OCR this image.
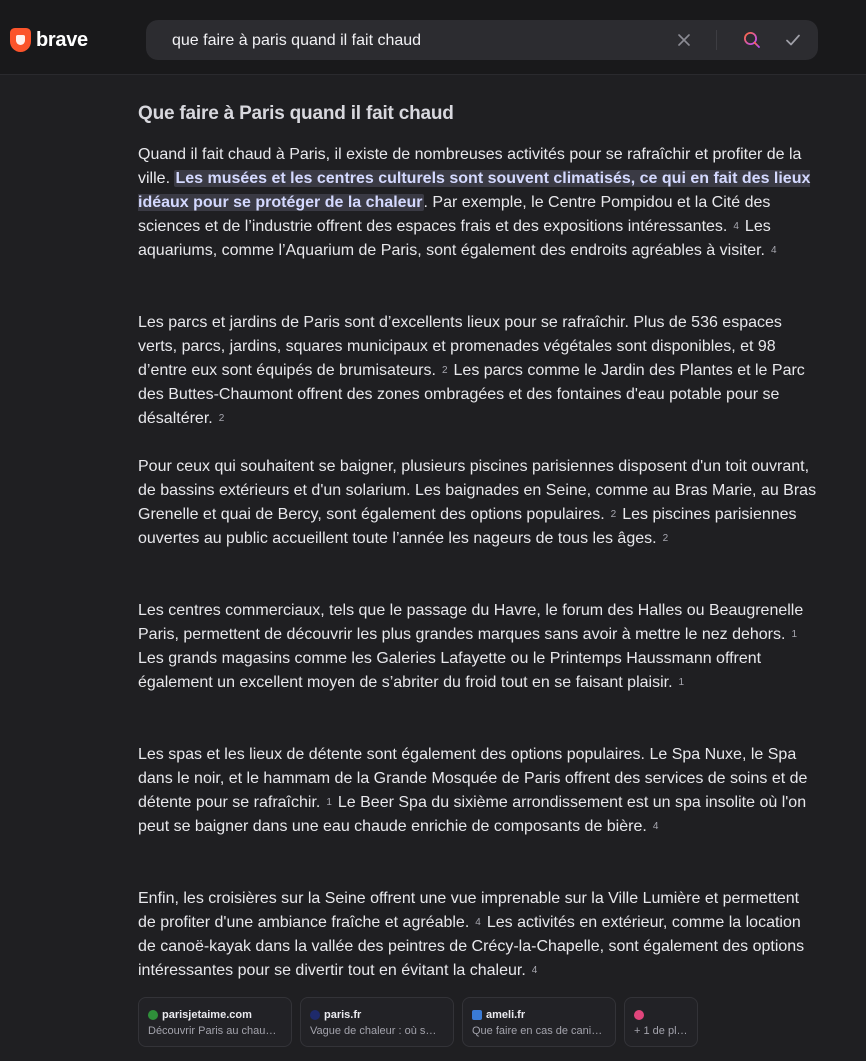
brave
que faire à paris quand il fait chaud
Que faire à Paris quand il fait chaud

Quand il fait chaud à Paris, il existe de nombreuses activités pour se rafraîchir et profiter de la ville. Les musées et les centres culturels sont souvent climatisés, ce qui en fait des lieux idéaux pour se protéger de la chaleur. Par exemple, le Centre Pompidou et la Cité des sciences et de l’industrie offrent des espaces frais et des expositions intéressantes. 4 Les aquariums, comme l’Aquarium de Paris, sont également des endroits agréables à visiter. 4

Les parcs et jardins de Paris sont d’excellents lieux pour se rafraîchir. Plus de 536 espaces verts, parcs, jardins, squares municipaux et promenades végétales sont disponibles, et 98 d’entre eux sont équipés de brumisateurs. 2 Les parcs comme le Jardin des Plantes et le Parc des Buttes-Chaumont offrent des zones ombragées et des fontaines d'eau potable pour se désaltérer. 2

Pour ceux qui souhaitent se baigner, plusieurs piscines parisiennes disposent d'un toit ouvrant, de bassins extérieurs et d'un solarium. Les baignades en Seine, comme au Bras Marie, au Bras Grenelle et quai de Bercy, sont également des options populaires. 2 Les piscines parisiennes ouvertes au public accueillent toute l’année les nageurs de tous les âges. 2

Les centres commerciaux, tels que le passage du Havre, le forum des Halles ou Beaugrenelle Paris, permettent de découvrir les plus grandes marques sans avoir à mettre le nez dehors. 1Les grands magasins comme les Galeries Lafayette ou le Printemps Haussmann offrent également un excellent moyen de s’abriter du froid tout en se faisant plaisir. 1

Les spas et les lieux de détente sont également des options populaires. Le Spa Nuxe, le Spa dans le noir, et le hammam de la Grande Mosquée de Paris offrent des services de soins et de détente pour se rafraîchir. 1 Le Beer Spa du sixième arrondissement est un spa insolite où l'on peut se baigner dans une eau chaude enrichie de composants de bière. 4

Enfin, les croisières sur la Seine offrent une vue imprenable sur la Ville Lumière et permettent de profiter d'une ambiance fraîche et agréable. 4 Les activités en extérieur, comme la location de canoë-kayak dans la vallée des peintres de Crécy-la-Chapelle, sont également des options intéressantes pour se divertir tout en évitant la chaleur. 4

parisjetaime.com
Découvrir Paris au chau…
paris.fr
Vague de chaleur : où s…
ameli.fr
Que faire en cas de cani…	+ 1 de plus
